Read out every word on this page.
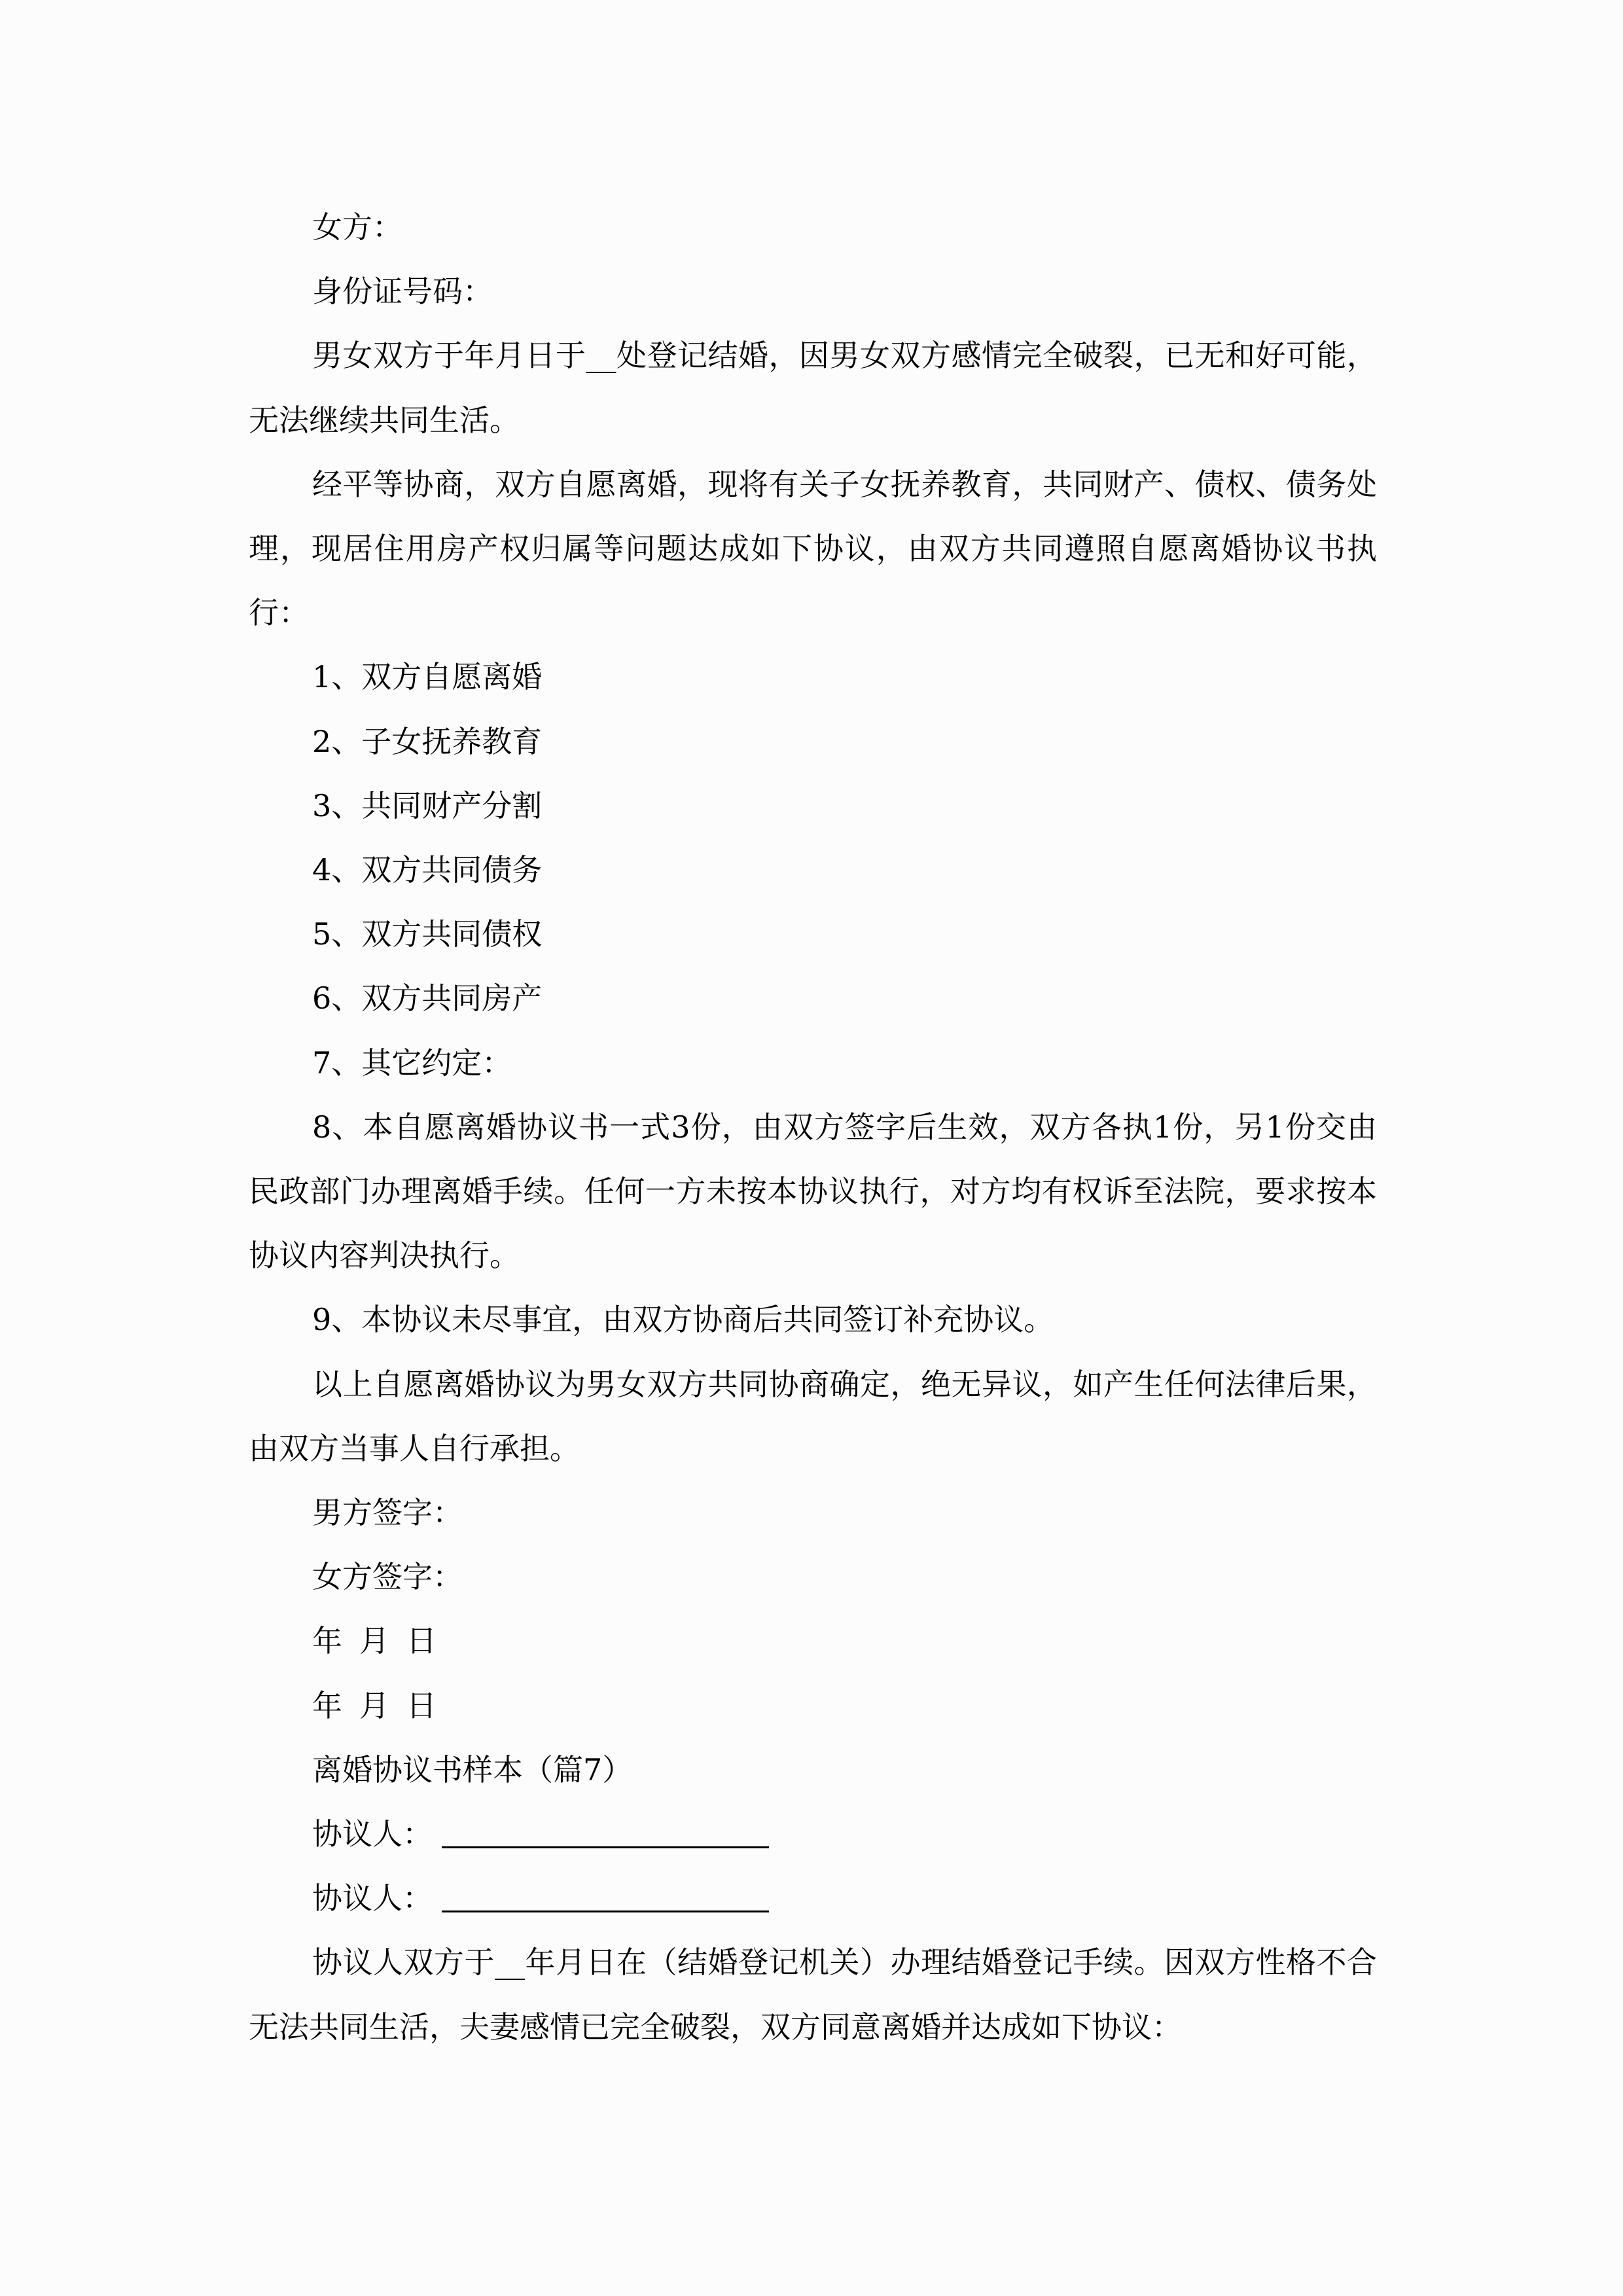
女方：

身份证号码：

男女双方于年月日于__处登记结婚，因男女双方感情完全破裂，已无和好可能，无法继续共同生活。

经平等协商，双方自愿离婚，现将有关子女抚养教育，共同财产、债权、债务处理，现居住用房产权归属等问题达成如下协议，由双方共同遵照自愿离婚协议书执行：

1、双方自愿离婚

2、子女抚养教育

3、共同财产分割

4、双方共同债务

5、双方共同债权

6、双方共同房产

7、其它约定：

8、本自愿离婚协议书一式3份，由双方签字后生效，双方各执1份，另1份交由民政部门办理离婚手续。任何一方未按本协议执行，对方均有权诉至法院，要求按本协议内容判决执行。

9、本协议未尽事宜，由双方协商后共同签订补充协议。

以上自愿离婚协议为男女双方共同协商确定，绝无异议，如产生任何法律后果，由双方当事人自行承担。

男方签字：

女方签字：

年 月 日
年 月 日

离婚协议书样本（篇7）

协议人：
协议人：

协议人双方于__年月日在（结婚登记机关）办理结婚登记手续。因双方性格不合无法共同生活，夫妻感情已完全破裂，双方同意离婚并达成如下协议：
